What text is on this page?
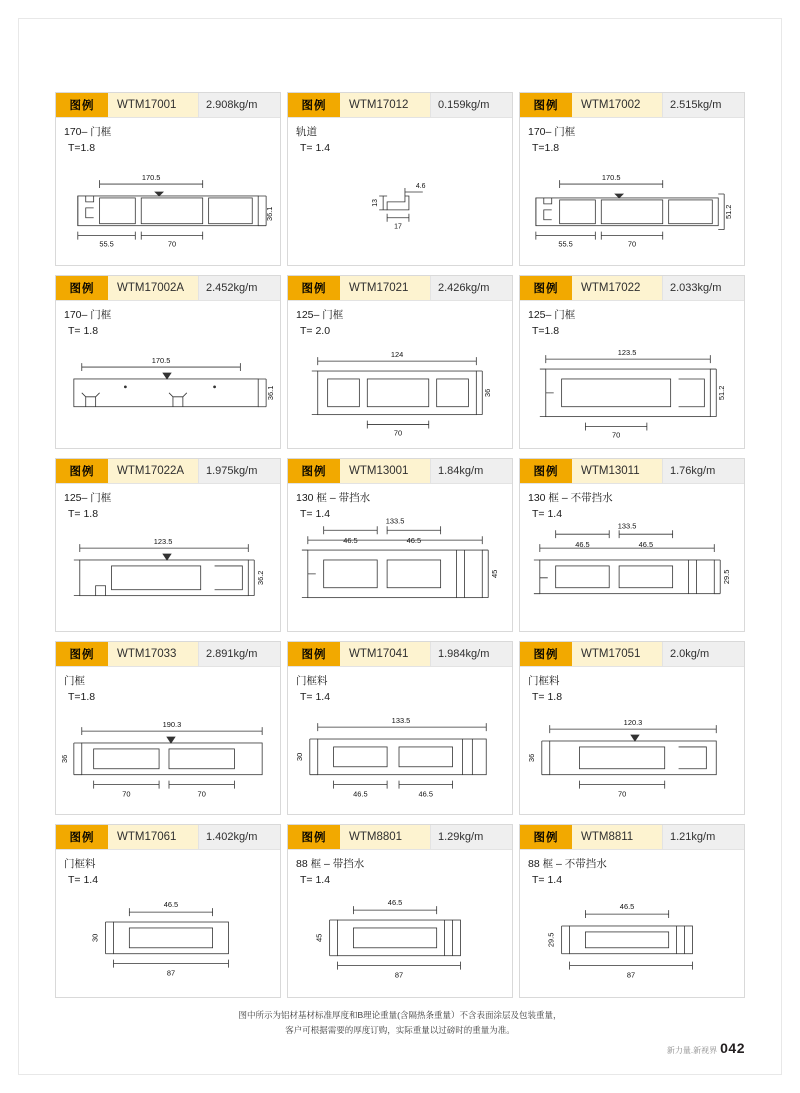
图例	WTM17001	2.908kg/m
170– 门框
T=1.8
170.5
36.1
55.5	70
图例	WTM17012	0.159kg/m
轨道
T= 1.4
4.6
13
17
图例	WTM17002	2.515kg/m
170– 门框
T=1.8
170.5
51.2
55.5	70
图例	WTM17002A	2.452kg/m
170– 门框
T= 1.8
170.5
36.1
图例	WTM17021	2.426kg/m
125– 门框
T= 2.0
124
36
70
图例	WTM17022	2.033kg/m
125– 门框
T=1.8
123.5
51.2
70
图例	WTM17022A	1.975kg/m
125– 门框
T= 1.8
123.5
36.2
图例	WTM13001	1.84kg/m
130 框 – 带挡水
T= 1.4
133.5
46.5	46.5
45
图例	WTM13011	1.76kg/m
130 框 – 不带挡水
T= 1.4
133.5
46.5	46.5
29.5
图例	WTM17033	2.891kg/m
门框
T=1.8
190.3
36
70	70
图例	WTM17041	1.984kg/m
门框料
T= 1.4
133.5
30
46.5	46.5
图例	WTM17051	2.0kg/m
门框料
T= 1.8
120.3
36
70
图例	WTM17061	1.402kg/m
门框料
T= 1.4
46.5
30
87
图例	WTM8801	1.29kg/m
88 框 – 带挡水
T= 1.4
46.5
45
87
图例	WTM8811	1.21kg/m
88 框 – 不带挡水
T= 1.4
46.5
29.5
87
图中所示为铝材基材标准厚度和B理论重量(含隔热条重量）不含表面涂层及包装重量，
客户可根据需要的厚度订购，实际重量以过磅时的重量为准。
新力量.新视界 042
